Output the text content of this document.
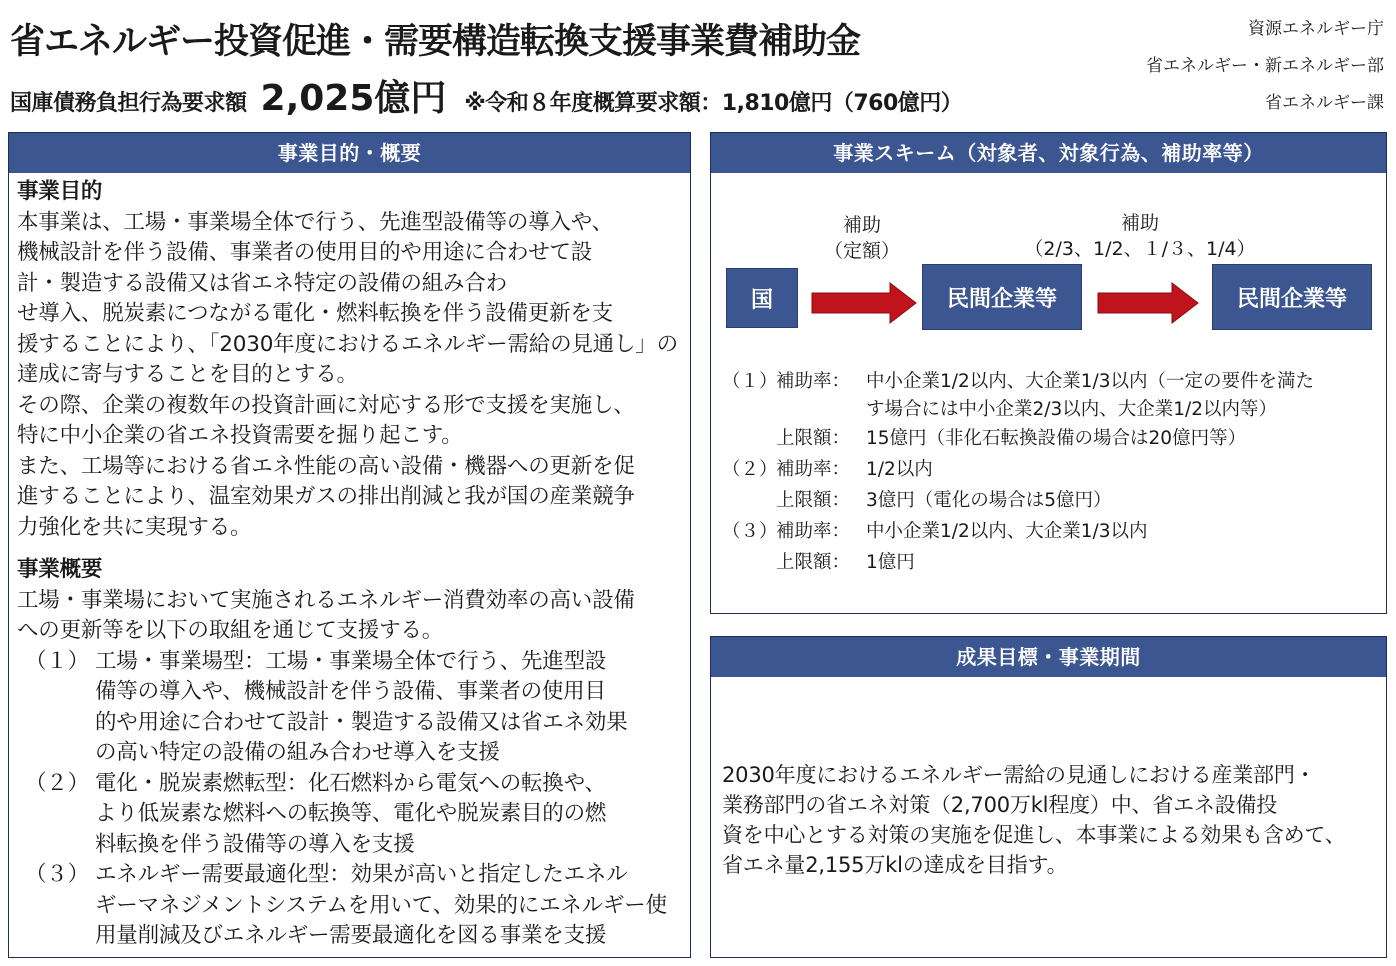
省エネルギー投資促進・需要構造転換支援事業費補助金
国庫債務負担行為要求額 2,025億円 ※令和８年度概算要求額：1,810億円（760億円）
資源エネルギー庁
省エネルギー・新エネルギー部
省エネルギー課
事業目的・概要
事業目的
本事業は、工場・事業場全体で行う、先進型設備等の導入や、
機械設計を伴う設備、事業者の使用目的や用途に合わせて設
計・製造する設備又は省エネ特定の設備の組み合わ
せ導入、脱炭素につながる電化・燃料転換を伴う設備更新を支
援することにより、「2030年度におけるエネルギー需給の見通し」の
達成に寄与することを目的とする。
その際、企業の複数年の投資計画に対応する形で支援を実施し、
特に中小企業の省エネ投資需要を掘り起こす。
また、工場等における省エネ性能の高い設備・機器への更新を促
進することにより、温室効果ガスの排出削減と我が国の産業競争
力強化を共に実現する。
事業概要
工場・事業場において実施されるエネルギー消費効率の高い設備
への更新等を以下の取組を通じて支援する。
（１） 工場・事業場型：工場・事業場全体で行う、先進型設
備等の導入や、機械設計を伴う設備、事業者の使用目
的や用途に合わせて設計・製造する設備又は省エネ効果
の高い特定の設備の組み合わせ導入を支援
（２） 電化・脱炭素燃転型：化石燃料から電気への転換や、
より低炭素な燃料への転換等、電化や脱炭素目的の燃
料転換を伴う設備等の導入を支援
（３） エネルギー需要最適化型：効果が高いと指定したエネル
ギーマネジメントシステムを用いて、効果的にエネルギー使
用量削減及びエネルギー需要最適化を図る事業を支援
事業スキーム（対象者、対象行為、補助率等）
国	民間企業等	民間企業等
補助
（定額）
補助
（2/3、1/2、１/３、1/4）
（１）
補助率： 中小企業1/2以内、大企業1/3以内（一定の要件を満た
す場合には中小企業2/3以内、大企業1/2以内等）
上限額： 15億円（非化石転換設備の場合は20億円等）
（２）
補助率： 1/2以内
上限額： 3億円（電化の場合は5億円）
（３）
補助率： 中小企業1/2以内、大企業1/3以内
上限額： 1億円
成果目標・事業期間
2030年度におけるエネルギー需給の見通しにおける産業部門・
業務部門の省エネ対策（2,700万kl程度）中、省エネ設備投
資を中心とする対策の実施を促進し、本事業による効果も含めて、
省エネ量2,155万klの達成を目指す。
